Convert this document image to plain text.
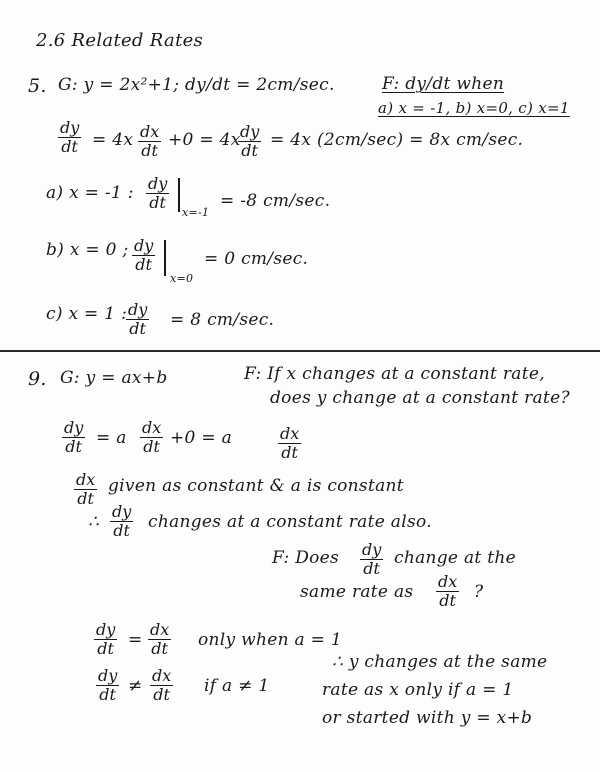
2.6 Related Rates
5. G: y = 2x²+1; dy/dt = 2cm/sec.	F: dy/dt when
a) x = -1, b) x=0, c) x=1
$\frac{dy}{dt} = 4x \frac{dx}{dt} +0 = 4x$
$\frac{dy}{dt} = 4x$ (2cm/sec) = 8x cm/sec.
a) x = -1 : $\frac{dy}{dt}$
x=-1
= -8 cm/sec.
b) x = 0 ; $\frac{dy}{dt}$
x=0
= 0 cm/sec.
c) x = 1 :
$\frac{dy}{dt} = 8$ cm/sec.
9. G: y = ax+b	F: If x changes at a constant rate,
does y change at a constant rate?
$\frac{dy}{dt} = a \frac{dx}{dt} +0 = a$	$\frac{dx}{dt}$
$\frac{dx}{dt}$ given as constant & a is constant
∴ $\frac{dy}{dt}$ changes at a constant rate also.
F: Does $\frac{dy}{dt}$ change at the
same rate as $\frac{dx}{dt}$ ?
$\frac{dy}{dt} = \frac{dx}{dt}$ only when a = 1
$\frac{dy}{dt} \ne \frac{dx}{dt}$ if a ≠ 1
∴ y changes at the same
rate as x only if a = 1
or started with y = x+b
